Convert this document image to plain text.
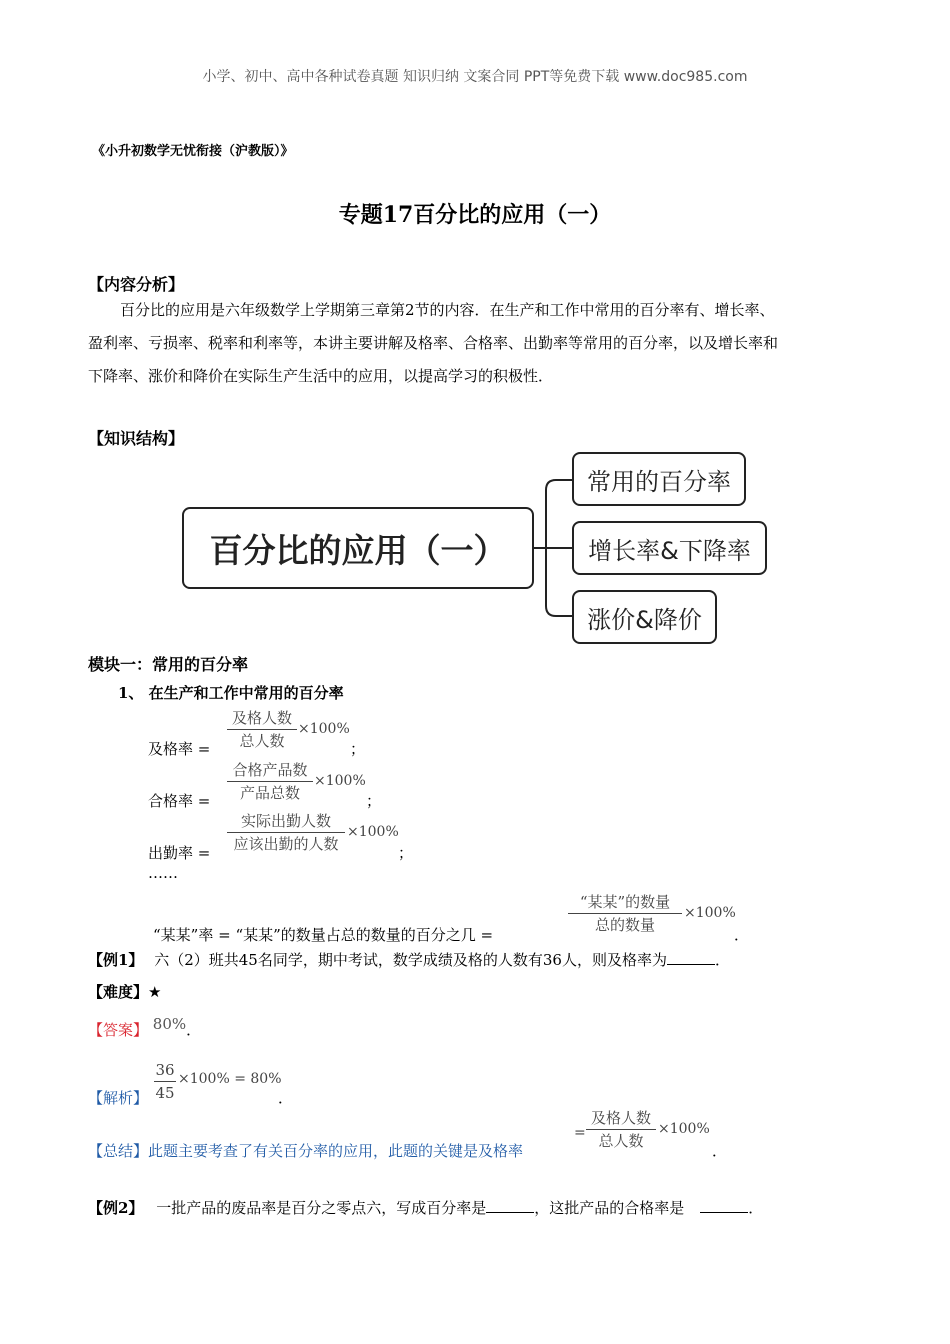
小学、初中、高中各种试卷真题 知识归纳 文案合同 PPT等免费下载 www.doc985.com
《小升初数学无忧衔接（沪教版）》
专题17百分比的应用（一）
【内容分析】
百分比的应用是六年级数学上学期第三章第2节的内容．在生产和工作中常用的百分率有、增长率、
盈利率、亏损率、税率和利率等，本讲主要讲解及格率、合格率、出勤率等常用的百分率，以及增长率和
下降率、涨价和降价在实际生产生活中的应用，以提高学习的积极性．
【知识结构】
百分比的应用（一）
常用的百分率
增长率&下降率
涨价&降价
模块一：常用的百分率
1、 在生产和工作中常用的百分率
及格率 =
及格人数
总人数
×100%
；
合格率 =
合格产品数
产品总数
×100%
；
出勤率 =
实际出勤人数
应该出勤的人数
×100%
；
……
“某某”率 = “某某”的数量占总的数量的百分之几 =
“某某”的数量
总的数量
×100%
．
【例1】 六（2）班共45名同学，期中考试，数学成绩及格的人数有36人，则及格率为	．
【难度】★
【答案】 80%．
【解析】
36
45
×100% = 80%
．
【总结】此题主要考查了有关百分率的应用，此题的关键是及格率
=
及格人数
总人数
×100%
．
【例2】 一批产品的废品率是百分之零点六，写成百分率是	，这批产品的合格率是	．
